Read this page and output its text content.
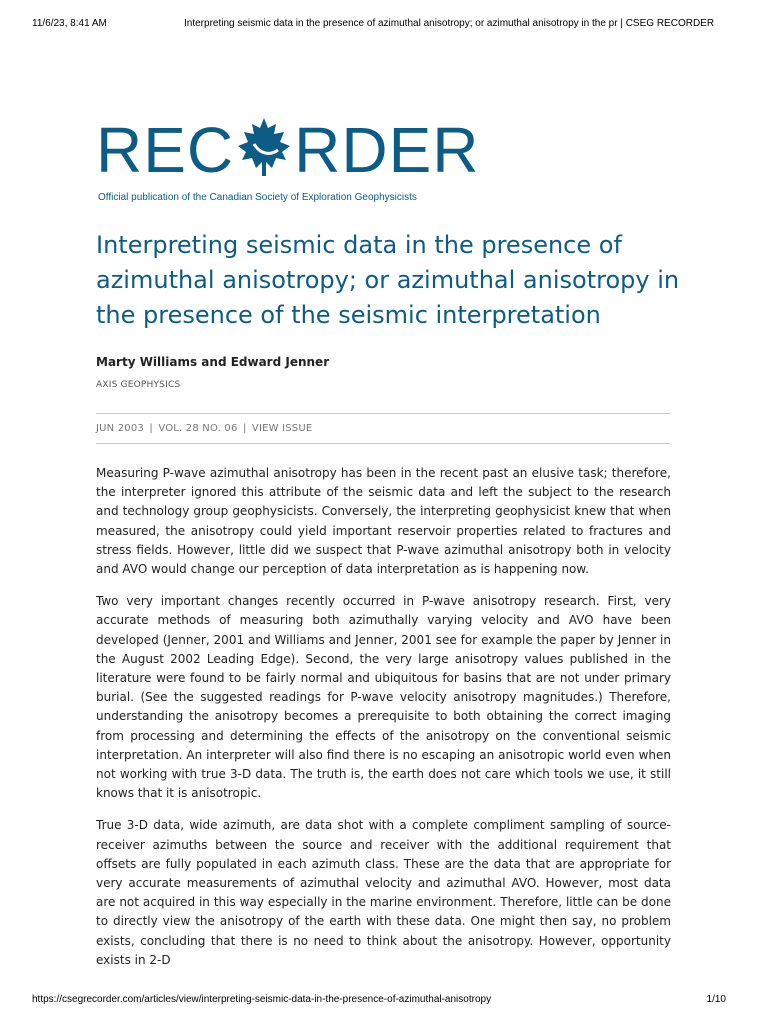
11/6/23, 8:41 AM	Interpreting seismic data in the presence of azimuthal anisotropy; or azimuthal anisotropy in the pr | CSEG RECORDER
REC RDER
Official publication of the Canadian Society of Exploration Geophysicists
Interpreting seismic data in the presence of azimuthal anisotropy; or azimuthal anisotropy in the presence of the seismic interpretation
Marty Williams and Edward Jenner
AXIS GEOPHYSICS
JUN 2003 | VOL. 28 NO. 06 | VIEW ISSUE

Measuring P-wave azimuthal anisotropy has been in the recent past an elusive task; therefore, the interpreter ignored this attribute of the seismic data and left the subject to the research and technology group geophysicists. Conversely, the interpreting geophysicist knew that when measured, the anisotropy could yield important reservoir properties related to fractures and stress fields. However, little did we suspect that P-wave azimuthal anisotropy both in velocity and AVO would change our perception of data interpretation as is happening now.

Two very important changes recently occurred in P-wave anisotropy research. First, very accurate methods of measuring both azimuthally varying velocity and AVO have been developed (Jenner, 2001 and Williams and Jenner, 2001 see for example the paper by Jenner in the August 2002 Leading Edge). Second, the very large anisotropy values published in the literature were found to be fairly normal and ubiquitous for basins that are not under primary burial. (See the suggested readings for P-wave velocity anisotropy magnitudes.) Therefore, understanding the anisotropy becomes a prerequisite to both obtaining the correct imaging from processing and determining the effects of the anisotropy on the conventional seismic interpretation. An interpreter will also find there is no escaping an anisotropic world even when not working with true 3-D data. The truth is, the earth does not care which tools we use, it still knows that it is anisotropic.

True 3-D data, wide azimuth, are data shot with a complete compliment sampling of source-receiver azimuths between the source and receiver with the additional requirement that offsets are fully populated in each azimuth class. These are the data that are appropriate for very accurate measurements of azimuthal velocity and azimuthal AVO. However, most data are not acquired in this way especially in the marine environment. Therefore, little can be done to directly view the anisotropy of the earth with these data. One might then say, no problem exists, concluding that there is no need to think about the anisotropy. However, opportunity exists in 2-D

https://csegrecorder.com/articles/view/interpreting-seismic-data-in-the-presence-of-azimuthal-anisotropy	1/10
